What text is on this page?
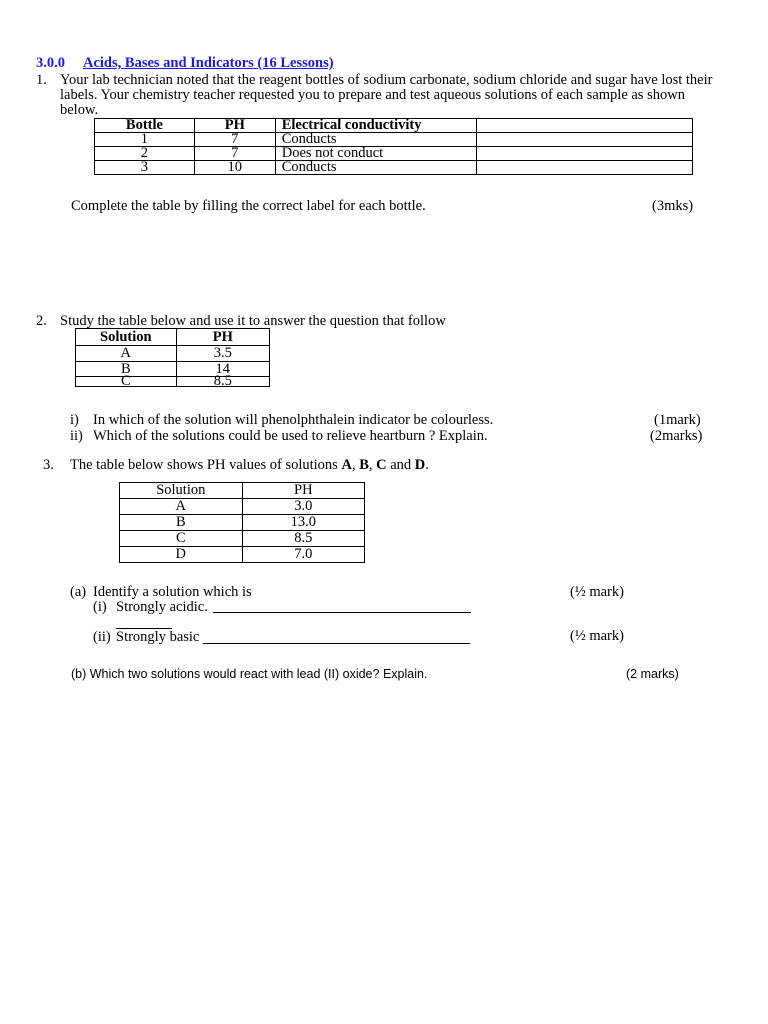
3.0.0 Acids, Bases and Indicators (16 Lessons)
1. Your lab technician noted that the reagent bottles of sodium carbonate, sodium chloride and sugar have lost their
labels. Your chemistry teacher requested you to prepare and test aqueous solutions of each sample as shown
below.
Bottle	PH	Electrical conductivity	
1	7	Conducts	
2	7	Does not conduct	
3	10	Conducts	
Complete the table by filling the correct label for each bottle.	(3mks)
2. Study the table below and use it to answer the question that follow
Solution	PH
A	3.5
B	14
C	8.5
i) In which of the solution will phenolphthalein indicator be colourless.	(1mark)
ii) Which of the solutions could be used to relieve heartburn ? Explain.	(2marks)
3. The table below shows PH values of solutions A, B, C and D.
Solution	PH
A	3.0
B	13.0
C	8.5
D	7.0
(a) Identify a solution which is	(½ mark)
(i) Strongly acidic.
(ii) Strongly basic	(½ mark)
(b) Which two solutions would react with lead (II) oxide? Explain.	(2 marks)
